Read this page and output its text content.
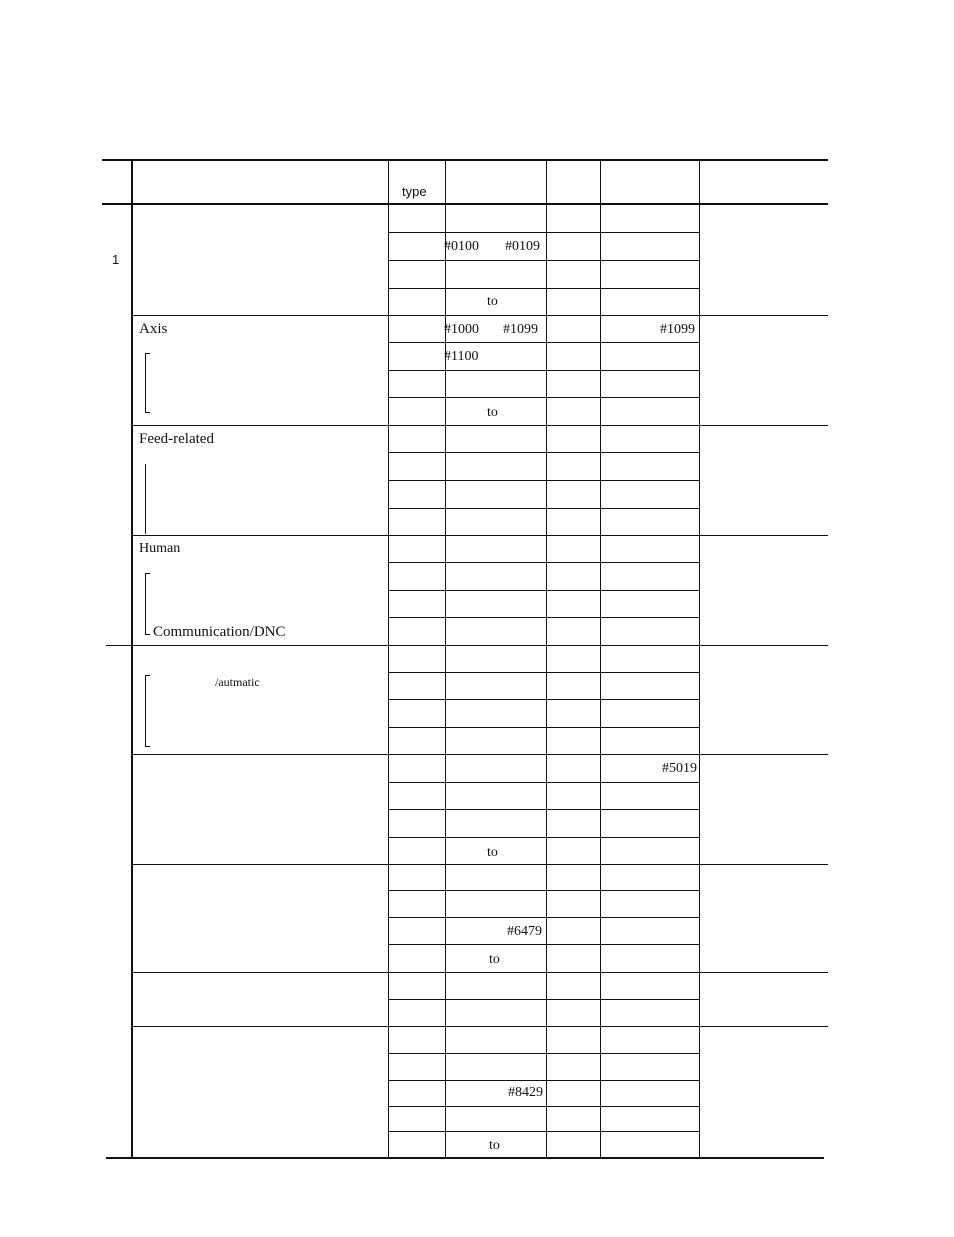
type
1
#0100 #0109
to
Axis	#1000 #1099	#1099
#1100
to
Feed-related
Human
Communication/DNC
/autmatic
#5019
to
#6479
to
#8429
to
